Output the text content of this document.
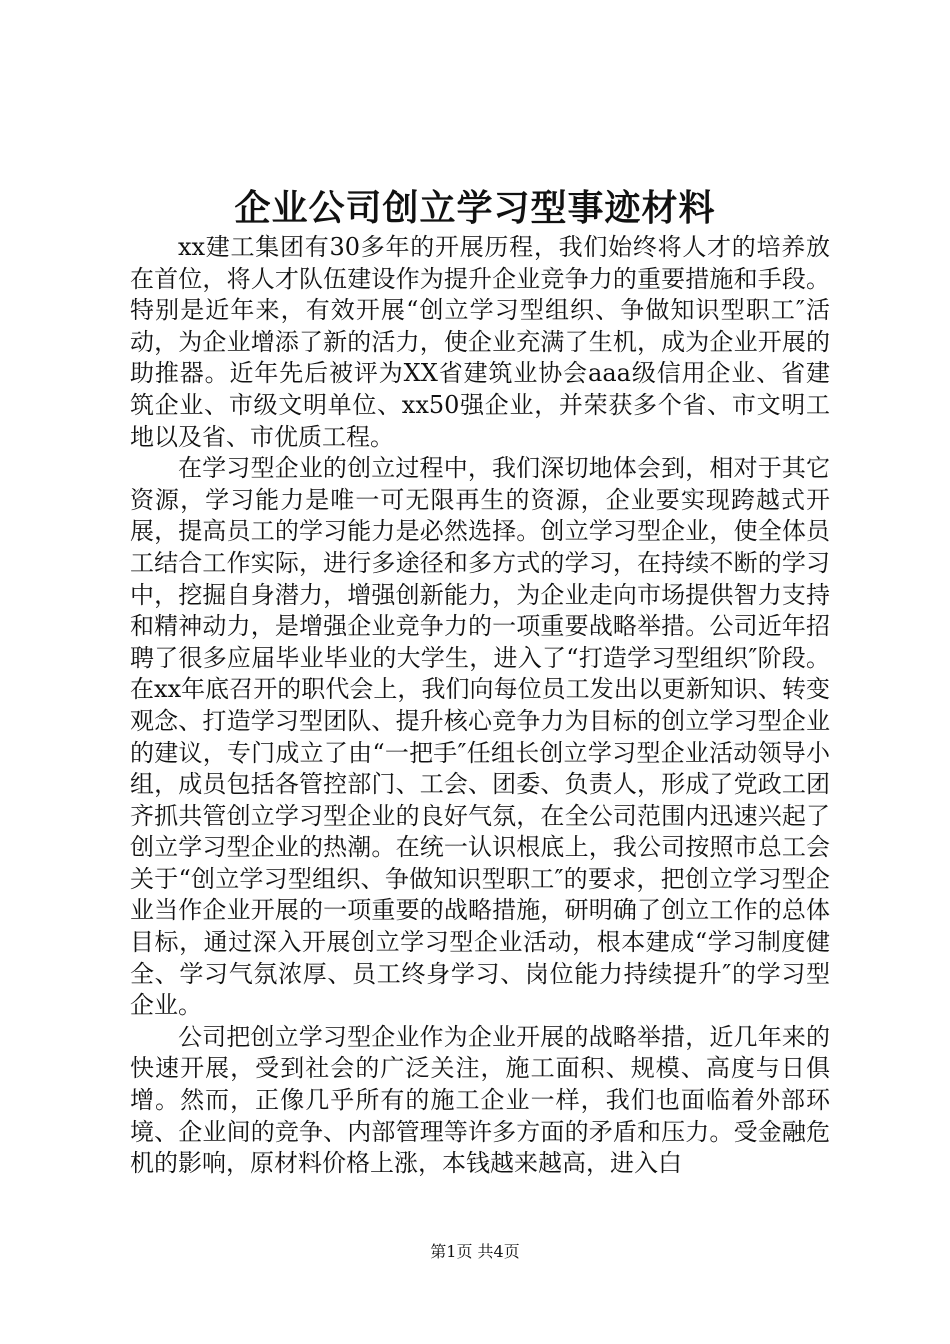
企业公司创立学习型事迹材料

xx建工集团有30多年的开展历程，我们始终将人才的培养放在首位，将人才队伍建设作为提升企业竞争力的重要措施和手段。特别是近年来，有效开展“创立学习型组织、争做知识型职工″活动，为企业增添了新的活力，使企业充满了生机，成为企业开展的助推器。近年先后被评为XX省建筑业协会aaa级信用企业、省建筑企业、市级文明单位、xx50强企业，并荣获多个省、市文明工地以及省、市优质工程。

在学习型企业的创立过程中，我们深切地体会到，相对于其它资源，学习能力是唯一可无限再生的资源，企业要实现跨越式开展，提高员工的学习能力是必然选择。创立学习型企业，使全体员工结合工作实际，进行多途径和多方式的学习，在持续不断的学习中，挖掘自身潜力，增强创新能力，为企业走向市场提供智力支持和精神动力，是增强企业竞争力的一项重要战略举措。公司近年招聘了很多应届毕业毕业的大学生，进入了“打造学习型组织″阶段。在xx年底召开的职代会上，我们向每位员工发出以更新知识、转变观念、打造学习型团队、提升核心竞争力为目标的创立学习型企业的建议，专门成立了由“一把手″任组长创立学习型企业活动领导小组，成员包括各管控部门、工会、团委、负责人，形成了党政工团齐抓共管创立学习型企业的良好气氛，在全公司范围内迅速兴起了创立学习型企业的热潮。在统一认识根底上，我公司按照市总工会关于“创立学习型组织、争做知识型职工″的要求，把创立学习型企业当作企业开展的一项重要的战略措施，研明确了创立工作的总体目标，通过深入开展创立学习型企业活动，根本建成“学习制度健全、学习气氛浓厚、员工终身学习、岗位能力持续提升″的学习型企业。

公司把创立学习型企业作为企业开展的战略举措，近几年来的快速开展，受到社会的广泛关注，施工面积、规模、高度与日俱增。然而，正像几乎所有的施工企业一样，我们也面临着外部环境、企业间的竞争、内部管理等许多方面的矛盾和压力。受金融危机的影响，原材料价格上涨，本钱越来越高，进入白

第1页 共4页
